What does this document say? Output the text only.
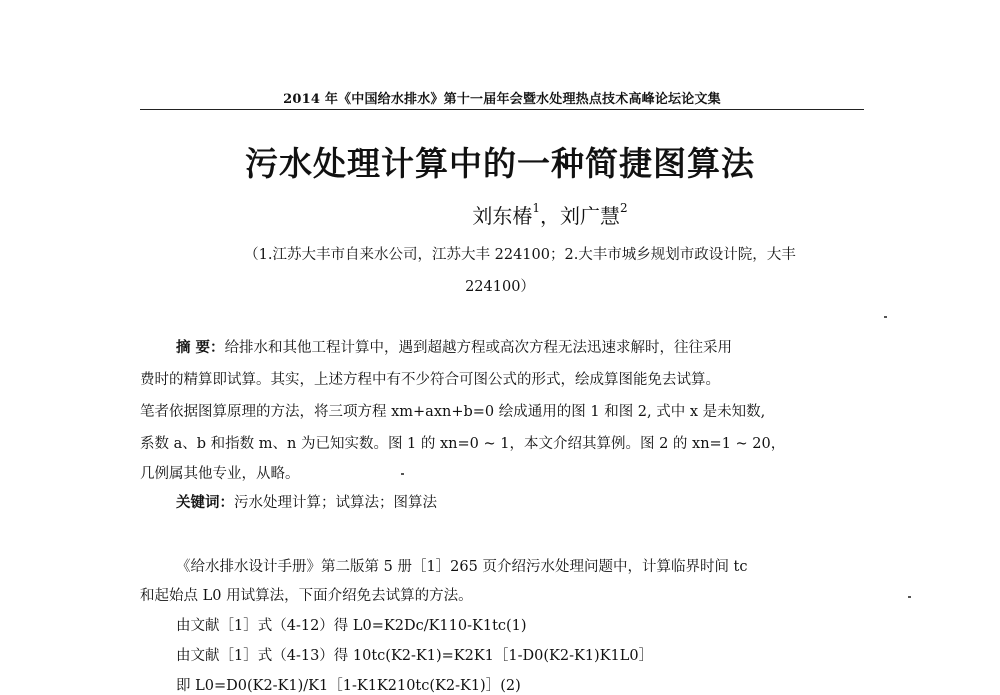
2014 年《中国给水排水》第十一届年会暨水处理热点技术高峰论坛论文集
污水处理计算中的一种简捷图算法
刘东椿$^1$，刘广慧$^2$
（1.江苏大丰市自来水公司，江苏大丰 224100；2.大丰市城乡规划市政设计院，大丰
224100）
摘 要：给排水和其他工程计算中，遇到超越方程或高次方程无法迅速求解时，往往采用
费时的精算即试算。其实，上述方程中有不少符合可图公式的形式，绘成算图能免去试算。
笔者依据图算原理的方法，将三项方程 xm+axn+b=0 绘成通用的图 1 和图 2, 式中 x 是未知数,
系数 a、b 和指数 m、n 为已知实数。图 1 的 xn=0 ~ 1，本文介绍其算例。图 2 的 xn=1 ~ 20，
几例属其他专业，从略。
关键词：污水处理计算；试算法；图算法
《给水排水设计手册》第二版第 5 册［1］265 页介绍污水处理问题中，计算临界时间 tc
和起始点 L0 用试算法，下面介绍免去试算的方法。
由文献［1］式（4-12）得 L0=K2Dc/K110-K1tc(1)
由文献［1］式（4-13）得 10tc(K2-K1)=K2K1［1-D0(K2-K1)K1L0］
即 L0=D0(K2-K1)/K1［1-K1K210tc(K2-K1)］(2)
